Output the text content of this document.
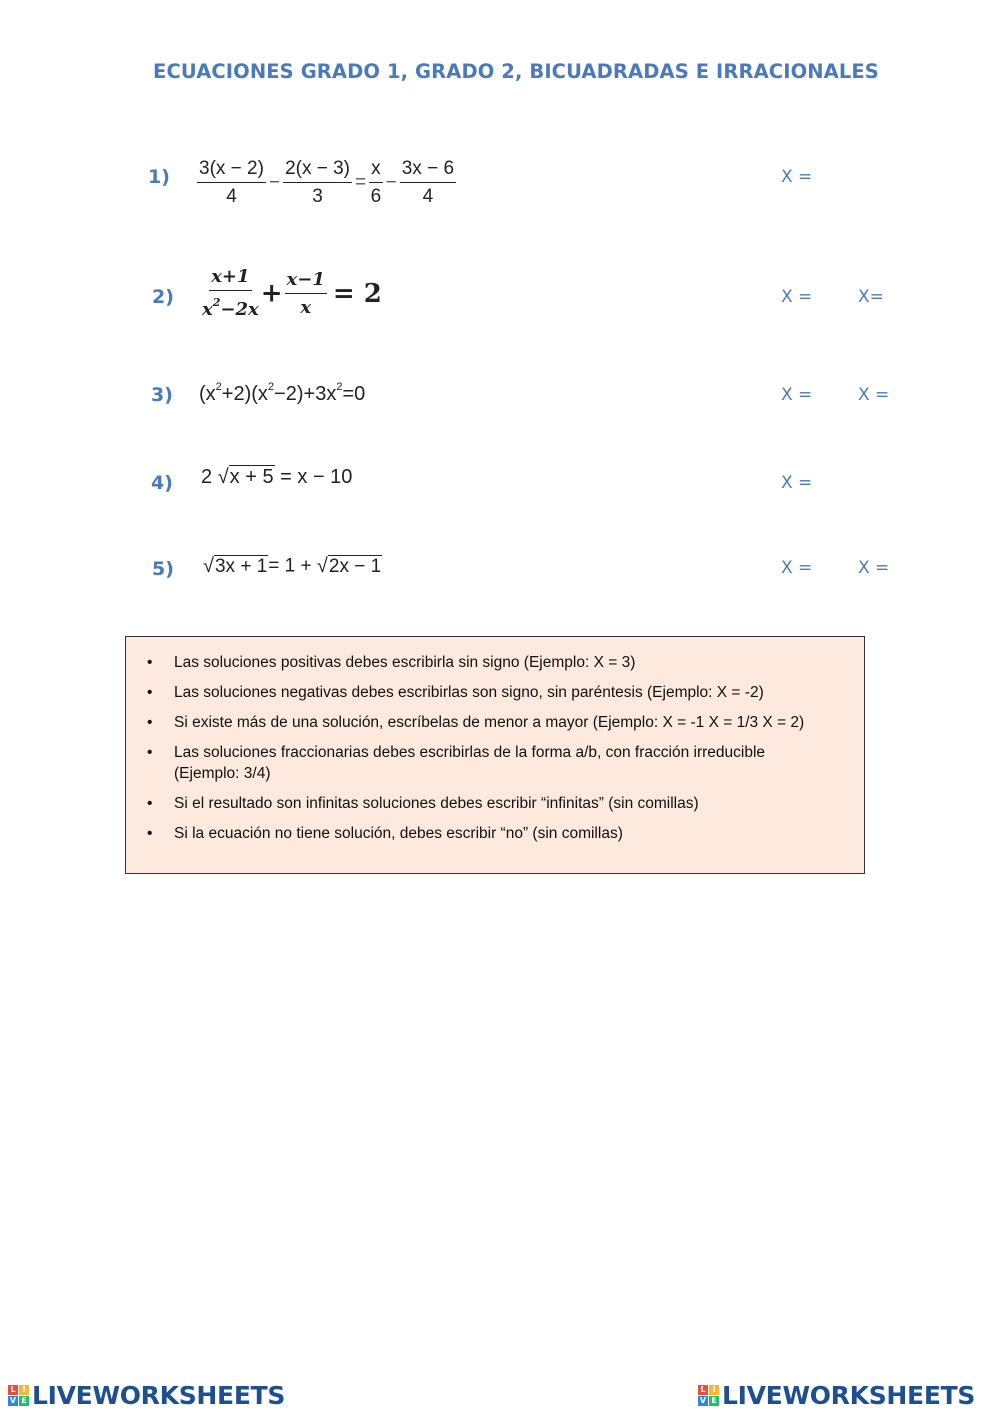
ECUACIONES GRADO 1, GRADO 2, BICUADRADAS E IRRACIONALES
$1) \frac{3(x - 2)}{4} - \frac{2(x - 3)}{3} = \frac{x}{6} - \frac{3x - 6}{4}$	X =
$2) \frac{x+1}{x^2-2x} + \frac{x-1}{x} = 2$	X =	X=
3) $(x^2+2)(x^2-2)+3x^2=0$	X =	X =
4) 2 √x + 5 = x − 10	X =
5) √3x + 1= 1 + √2x − 1	X =	X =
• Las soluciones positivas debes escribirla sin signo (Ejemplo: X = 3)
• Las soluciones negativas debes escribirlas son signo, sin paréntesis (Ejemplo: X = -2)
• Si existe más de una solución, escríbelas de menor a mayor (Ejemplo: X = -1 X = 1/3 X = 2)
• Las soluciones fraccionarias debes escribirlas de la forma a/b, con fracción irreducible (Ejemplo: 3/4)
• Si el resultado son infinitas soluciones debes escribir “infinitas” (sin comillas)
• Si la ecuación no tiene solución, debes escribir “no” (sin comillas)
L I
V E LIVEWORKSHEETS	L I
V E LIVEWORKSHEETS
